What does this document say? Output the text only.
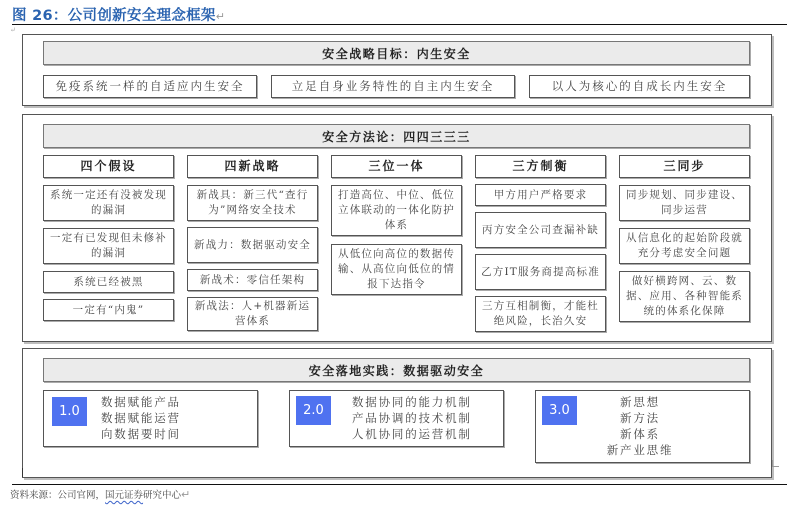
图 26：公司创新安全理念框架↵
↵
安全战略目标：内生安全
免疫系统一样的自适应内生安全	立足自身业务特性的自主内生安全	以人为核心的自成长内生安全
安全方法论：四四三三三
四个假设
系统一定还有没被发现的漏洞
一定有已发现但未修补的漏洞
系统已经被黑
一定有“内鬼”
四新战略
新战具：新三代“查行为”网络安全技术
新战力：数据驱动安全
新战术：零信任架构
新战法：人+机器新运营体系
三位一体
打造高位、中位、低位立体联动的一体化防护体系
从低位向高位的数据传输、从高位向低位的情报下达指令
三方制衡
甲方用户严格要求
丙方安全公司查漏补缺
乙方IT服务商提高标准
三方互相制衡，才能杜绝风险，长治久安
三同步
同步规划、同步建设、同步运营
从信息化的起始阶段就充分考虑安全问题
做好横跨网、云、数据、应用、各种智能系统的体系化保障
安全落地实践：数据驱动安全
1.0
数据赋能产品
数据赋能运营
向数据要时间
2.0
数据协同的能力机制
产品协调的技术机制
人机协同的运营机制
3.0
新思想
新方法
新体系
新产业思维
资料来源：公司官网，国元证券研究中心↵
